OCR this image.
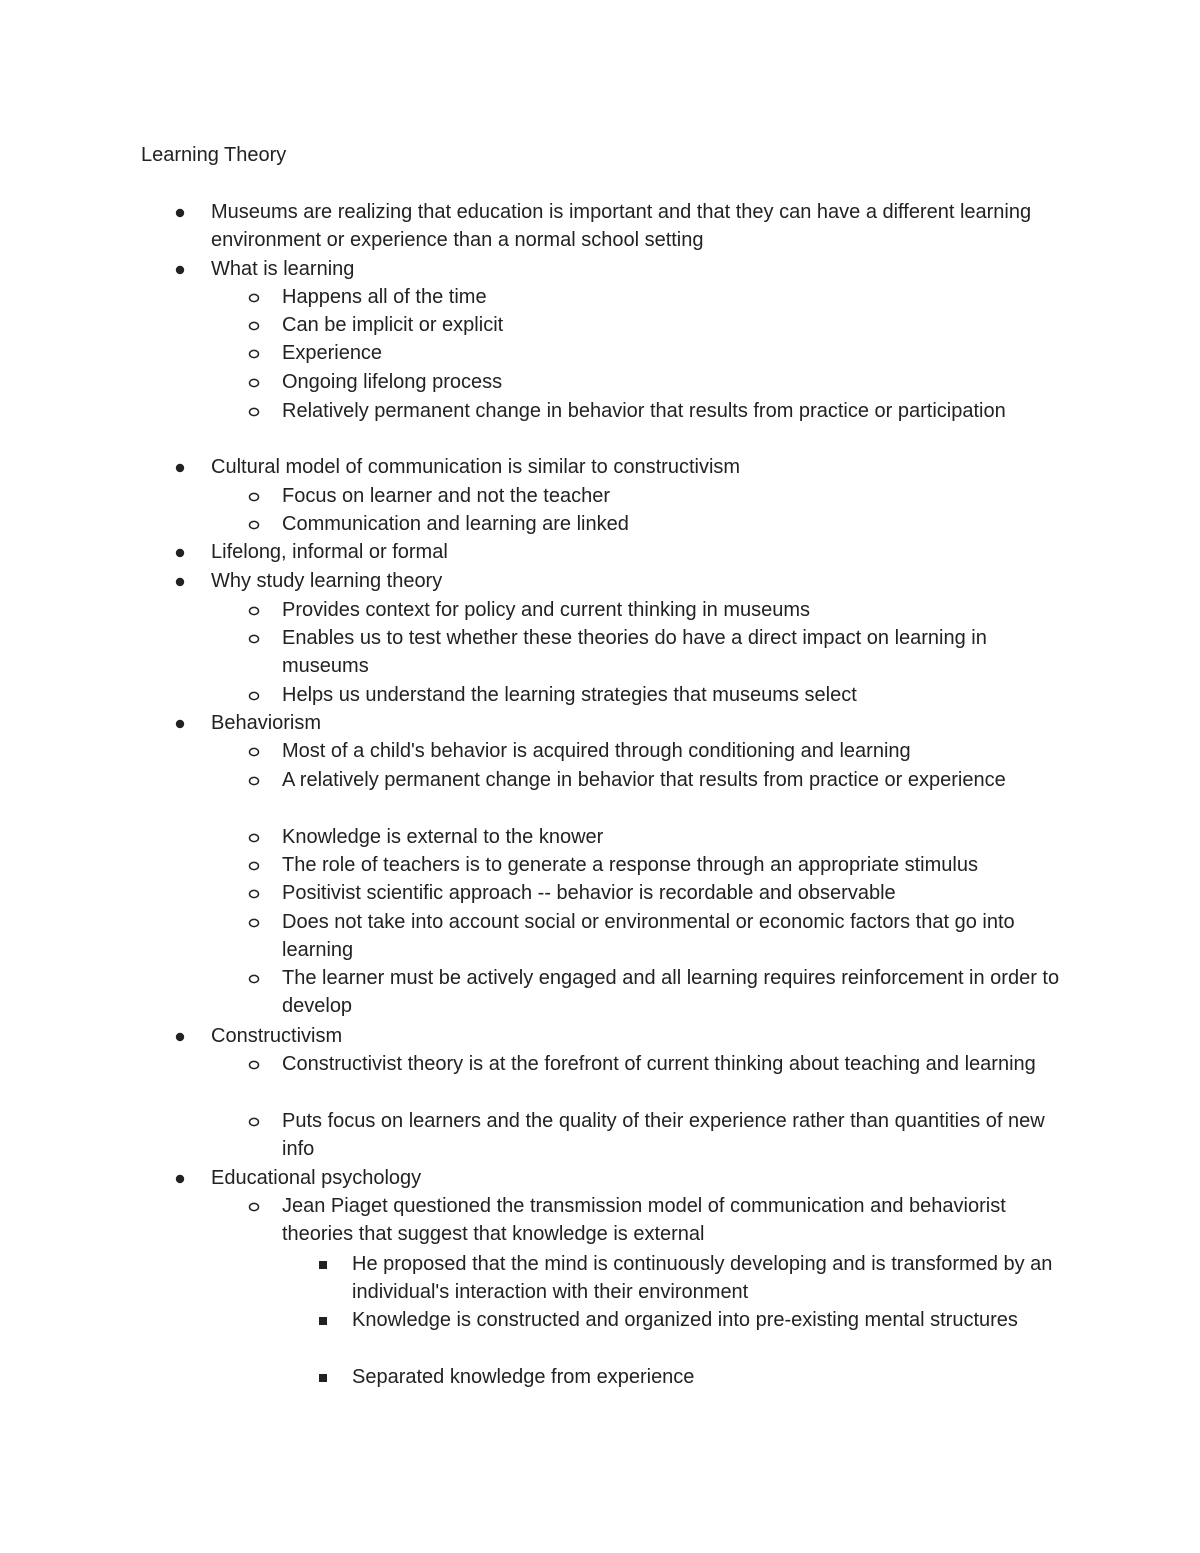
Learning Theory
Museums are realizing that education is important and that they can have a different learning environment or experience than a normal school setting
What is learning
Happens all of the time
Can be implicit or explicit
Experience
Ongoing lifelong process
Relatively permanent change in behavior that results from practice or participation
Cultural model of communication is similar to constructivism
Focus on learner and not the teacher
Communication and learning are linked
Lifelong, informal or formal
Why study learning theory
Provides context for policy and current thinking in museums
Enables us to test whether these theories do have a direct impact on learning in museums
Helps us understand the learning strategies that museums select
Behaviorism
Most of a child's behavior is acquired through conditioning and learning
A relatively permanent change in behavior that results from practice or experience
Knowledge is external to the knower
The role of teachers is to generate a response through an appropriate stimulus
Positivist scientific approach -- behavior is recordable and observable
Does not take into account social or environmental or economic factors that go into learning
The learner must be actively engaged and all learning requires reinforcement in order to develop
Constructivism
Constructivist theory is at the forefront of current thinking about teaching and learning
Puts focus on learners and the quality of their experience rather than quantities of new info
Educational psychology
Jean Piaget questioned the transmission model of communication and behaviorist theories that suggest that knowledge is external
He proposed that the mind is continuously developing and is transformed by an individual's interaction with their environment
Knowledge is constructed and organized into pre-existing mental structures
Separated knowledge from experience
